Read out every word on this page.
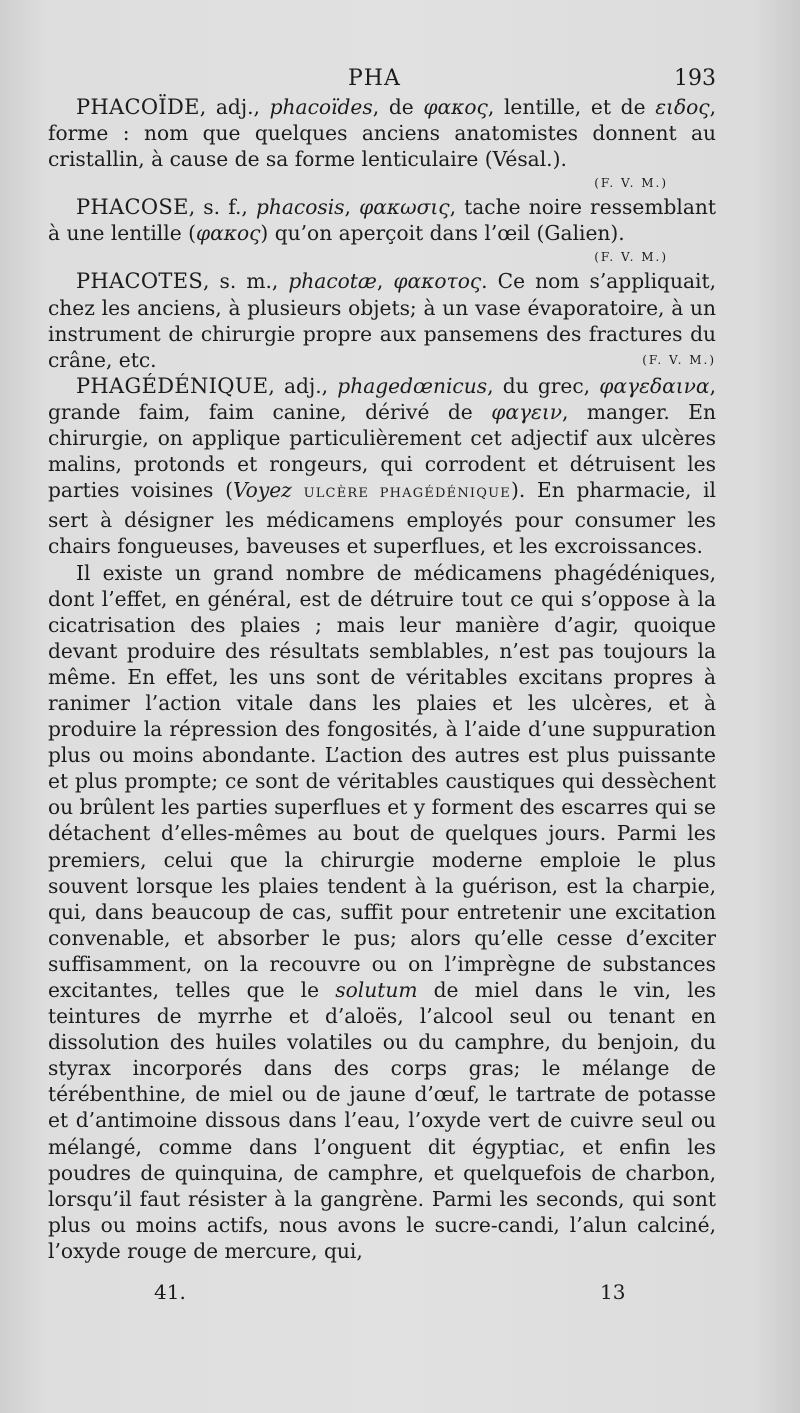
PHA	193

PHACOÏDE, adj., phacoïdes, de φακος, lentille, et de ειδος, forme : nom que quelques anciens anatomistes donnent au cristallin, à cause de sa forme lenticulaire (Vésal.).

(F. V. M.)

PHACOSE, s. f., phacosis, φακωσις, tache noire ressemblant à une lentille (φακος) qu’on aperçoit dans l’œil (Galien).

(F. V. M.)

PHACOTES, s. m., phacotæ, φακοτος. Ce nom s’appliquait, chez les anciens, à plusieurs objets; à un vase évaporatoire, à un instrument de chirurgie propre aux pansemens des fractures du crâne, etc.	(F. V. M.)

PHAGÉDÉNIQUE, adj., phagedœnicus, du grec, φαγεδαινα, grande faim, faim canine, dérivé de φαγειν, manger. En chirurgie, on applique particulièrement cet adjectif aux ulcères malins, protonds et rongeurs, qui corrodent et détruisent les parties voisines (Voyez ULCÈRE PHAGÉDÉNIQUE). En pharmacie, il sert à désigner les médicamens employés pour consumer les chairs fongueuses, baveuses et superflues, et les excroissances.

Il existe un grand nombre de médicamens phagédéniques, dont l’effet, en général, est de détruire tout ce qui s’oppose à la cicatrisation des plaies ; mais leur manière d’agir, quoique devant produire des résultats semblables, n’est pas toujours la même. En effet, les uns sont de véritables excitans propres à ranimer l’action vitale dans les plaies et les ulcères, et à produire la répression des fongosités, à l’aide d’une suppuration plus ou moins abondante. L’action des autres est plus puissante et plus prompte; ce sont de véritables caustiques qui dessèchent ou brûlent les parties superflues et y forment des escarres qui se détachent d’elles-mêmes au bout de quelques jours. Parmi les premiers, celui que la chirurgie moderne emploie le plus souvent lorsque les plaies tendent à la guérison, est la charpie, qui, dans beaucoup de cas, suffit pour entretenir une excitation convenable, et absorber le pus; alors qu’elle cesse d’exciter suffisamment, on la recouvre ou on l’imprègne de substances excitantes, telles que le solutum de miel dans le vin, les teintures de myrrhe et d’aloës, l’alcool seul ou tenant en dissolution des huiles volatiles ou du camphre, du benjoin, du styrax incorporés dans des corps gras; le mélange de térébenthine, de miel ou de jaune d’œuf, le tartrate de potasse et d’antimoine dissous dans l’eau, l’oxyde vert de cuivre seul ou mélangé, comme dans l’onguent dit égyptiac, et enfin les poudres de quinquina, de camphre, et quelquefois de charbon, lorsqu’il faut résister à la gangrène. Parmi les seconds, qui sont plus ou moins actifs, nous avons le sucre-candi, l’alun calciné, l’oxyde rouge de mercure, qui,

41.	13
